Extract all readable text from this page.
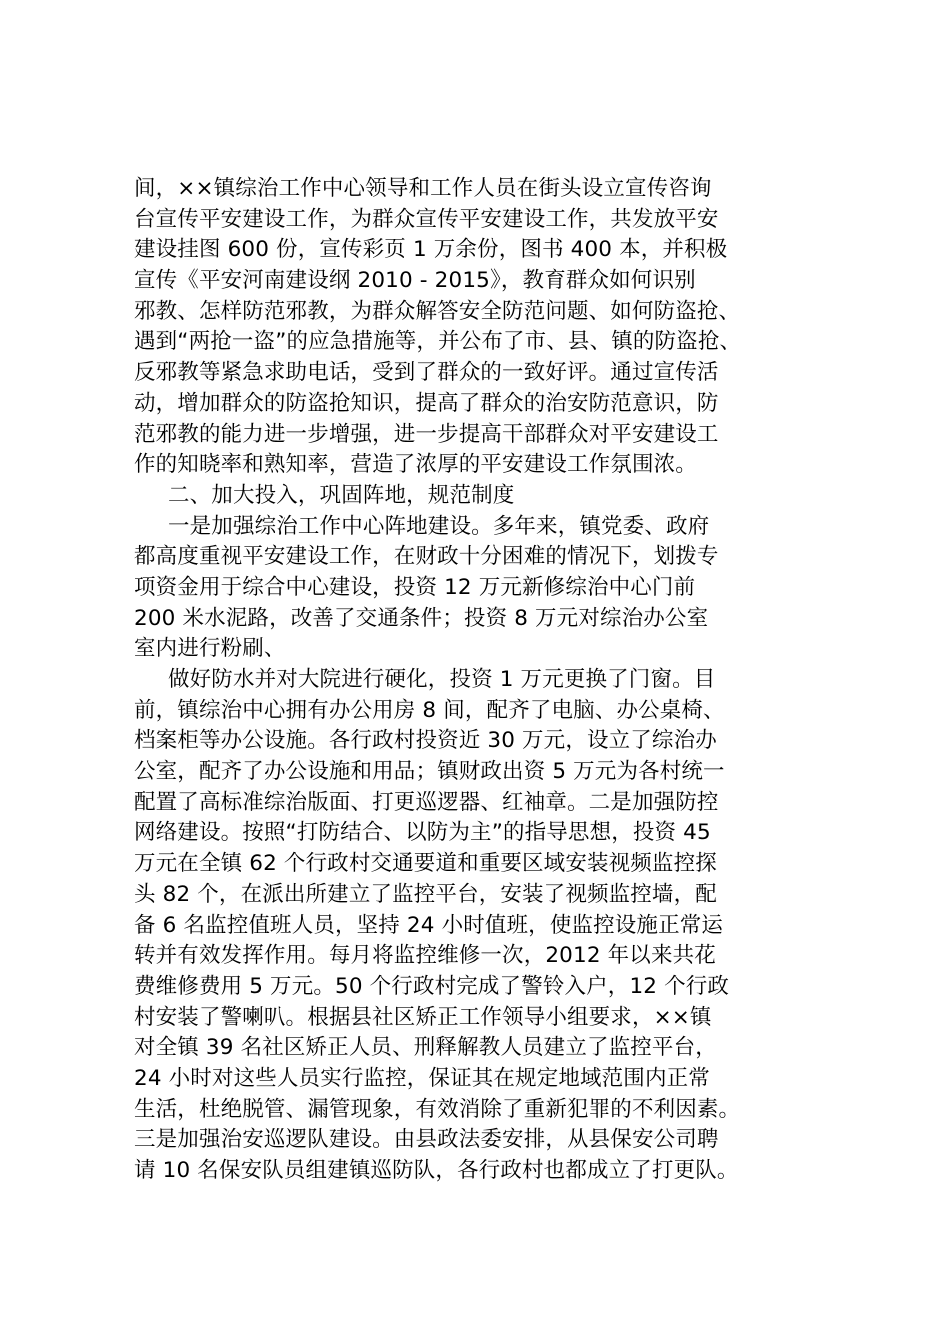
间，××镇综治工作中心领导和工作人员在街头设立宣传咨询
台宣传平安建设工作，为群众宣传平安建设工作，共发放平安
建设挂图 600 份，宣传彩页 1 万余份，图书 400 本，并积极
宣传《平安河南建设纲 2010 - 2015》，教育群众如何识别
邪教、怎样防范邪教，为群众解答安全防范问题、如何防盗抢、
遇到“两抢一盗”的应急措施等，并公布了市、县、镇的防盗抢、
反邪教等紧急求助电话，受到了群众的一致好评。通过宣传活
动，增加群众的防盗抢知识，提高了群众的治安防范意识，防
范邪教的能力进一步增强，进一步提高干部群众对平安建设工
作的知晓率和熟知率，营造了浓厚的平安建设工作氛围浓。
二、加大投入，巩固阵地，规范制度
一是加强综治工作中心阵地建设。多年来，镇党委、政府
都高度重视平安建设工作，在财政十分困难的情况下，划拨专
项资金用于综合中心建设，投资 12 万元新修综治中心门前
200 米水泥路，改善了交通条件；投资 8 万元对综治办公室
室内进行粉刷、
做好防水并对大院进行硬化，投资 1 万元更换了门窗。目
前，镇综治中心拥有办公用房 8 间，配齐了电脑、办公桌椅、
档案柜等办公设施。各行政村投资近 30 万元，设立了综治办
公室，配齐了办公设施和用品；镇财政出资 5 万元为各村统一
配置了高标准综治版面、打更巡逻器、红袖章。二是加强防控
网络建设。按照“打防结合、以防为主”的指导思想，投资 45
万元在全镇 62 个行政村交通要道和重要区域安装视频监控探
头 82 个，在派出所建立了监控平台，安装了视频监控墙，配
备 6 名监控值班人员，坚持 24 小时值班，使监控设施正常运
转并有效发挥作用。每月将监控维修一次，2012 年以来共花
费维修费用 5 万元。50 个行政村完成了警铃入户，12 个行政
村安装了警喇叭。根据县社区矫正工作领导小组要求，××镇
对全镇 39 名社区矫正人员、刑释解教人员建立了监控平台，
24 小时对这些人员实行监控，保证其在规定地域范围内正常
生活，杜绝脱管、漏管现象，有效消除了重新犯罪的不利因素。
三是加强治安巡逻队建设。由县政法委安排，从县保安公司聘
请 10 名保安队员组建镇巡防队，各行政村也都成立了打更队。
